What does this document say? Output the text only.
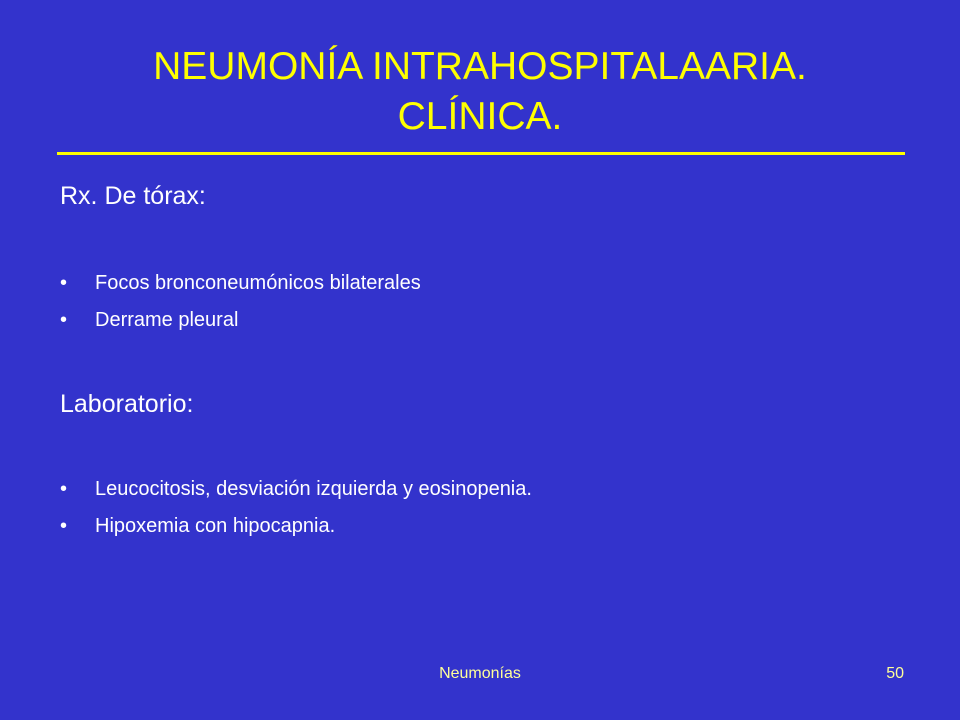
NEUMONÍA INTRAHOSPITALAARIA.
CLÍNICA.
Rx. De tórax:
• Focos bronconeumónicos bilaterales
• Derrame pleural
Laboratorio:
• Leucocitosis, desviación izquierda y eosinopenia.
• Hipoxemia con hipocapnia.
Neumonías	50
